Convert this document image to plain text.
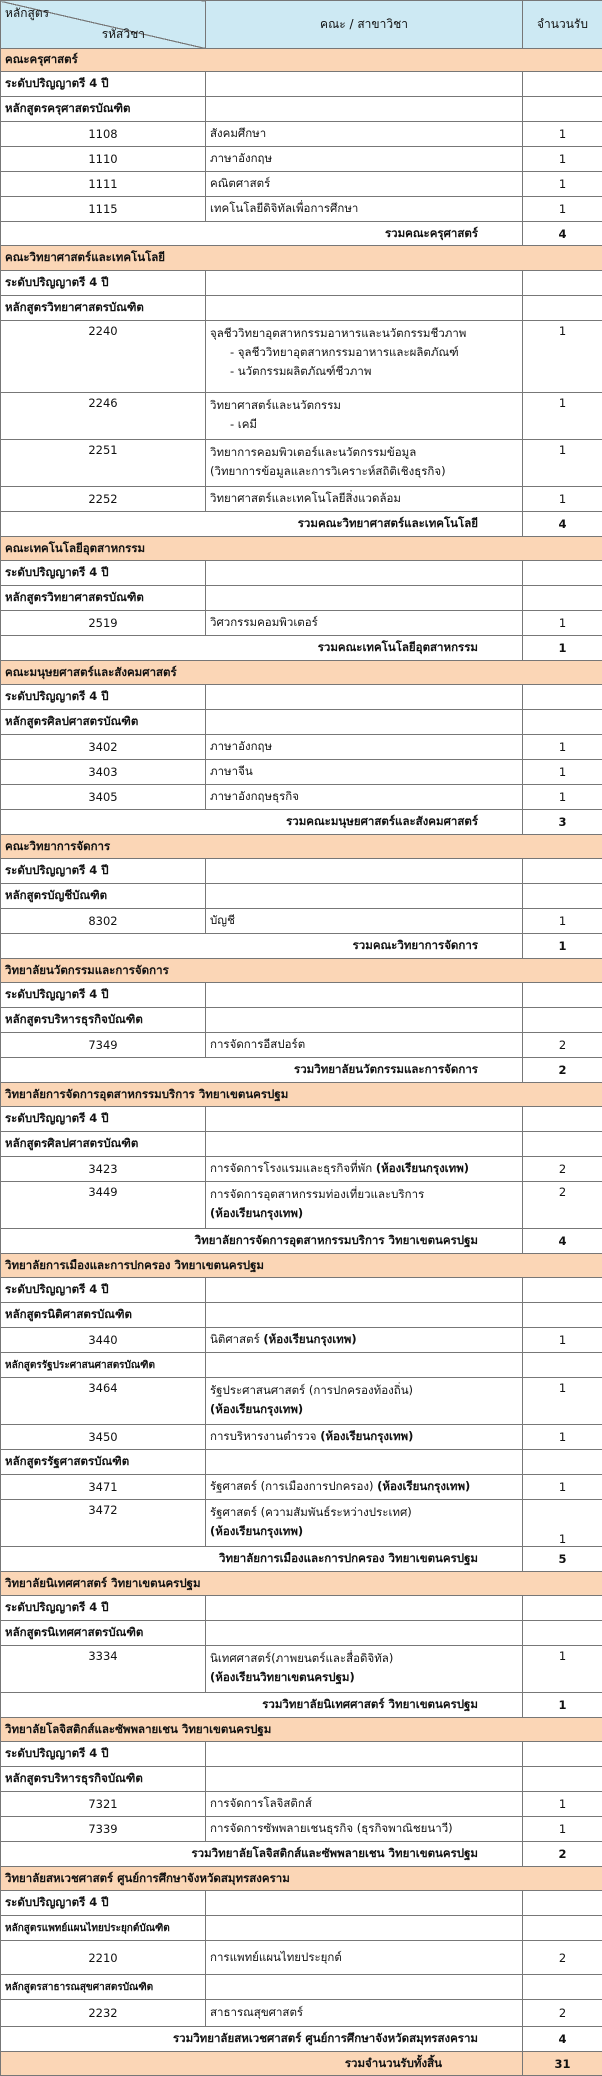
หลักสูตร
รหัสวิชา	คณะ / สาขาวิชา	จำนวนรับ
คณะครุศาสตร์		
ระดับปริญญาตรี 4 ปี		
หลักสูตรครุศาสตรบัณฑิต		
1108	สังคมศึกษา	1
1110	ภาษาอังกฤษ	1
1111	คณิตศาสตร์	1
1115	เทคโนโลยีดิจิทัลเพื่อการศึกษา	1
รวมคณะครุศาสตร์		4
คณะวิทยาศาสตร์และเทคโนโลยี		
ระดับปริญญาตรี 4 ปี		
หลักสูตรวิทยาศาสตรบัณฑิต		
2240	จุลชีววิทยาอุตสาหกรรมอาหารและนวัตกรรมชีวภาพ
- จุลชีววิทยาอุตสาหกรรมอาหารและผลิตภัณฑ์
- นวัตกรรมผลิตภัณฑ์ชีวภาพ	1
2246	วิทยาศาสตร์และนวัตกรรม
- เคมี	1
2251	วิทยาการคอมพิวเตอร์และนวัตกรรมข้อมูล
(วิทยาการข้อมูลและการวิเคราะห์สถิติเชิงธุรกิจ)	1
2252	วิทยาศาสตร์และเทคโนโลยีสิ่งแวดล้อม	1
รวมคณะวิทยาศาสตร์และเทคโนโลยี		4
คณะเทคโนโลยีอุตสาหกรรม		
ระดับปริญญาตรี 4 ปี		
หลักสูตรวิทยาศาสตรบัณฑิต		
2519	วิศวกรรมคอมพิวเตอร์	1
รวมคณะเทคโนโลยีอุตสาหกรรม		1
คณะมนุษยศาสตร์และสังคมศาสตร์		
ระดับปริญญาตรี 4 ปี		
หลักสูตรศิลปศาสตรบัณฑิต		
3402	ภาษาอังกฤษ	1
3403	ภาษาจีน	1
3405	ภาษาอังกฤษธุรกิจ	1
รวมคณะมนุษยศาสตร์และสังคมศาสตร์		3
คณะวิทยาการจัดการ		
ระดับปริญญาตรี 4 ปี		
หลักสูตรบัญชีบัณฑิต		
8302	บัญชี	1
รวมคณะวิทยาการจัดการ		1
วิทยาลัยนวัตกรรมและการจัดการ		
ระดับปริญญาตรี 4 ปี		
หลักสูตรบริหารธุรกิจบัณฑิต		
7349	การจัดการอีสปอร์ต	2
รวมวิทยาลัยนวัตกรรมและการจัดการ		2
วิทยาลัยการจัดการอุตสาหกรรมบริการ วิทยาเขตนครปฐม		
ระดับปริญญาตรี 4 ปี		
หลักสูตรศิลปศาสตรบัณฑิต		
3423	การจัดการโรงแรมและธุรกิจที่พัก (ห้องเรียนกรุงเทพ)	2
3449	การจัดการอุตสาหกรรมท่องเที่ยวและบริการ
(ห้องเรียนกรุงเทพ)	2
วิทยาลัยการจัดการอุตสาหกรรมบริการ วิทยาเขตนครปฐม		4
วิทยาลัยการเมืองและการปกครอง วิทยาเขตนครปฐม		
ระดับปริญญาตรี 4 ปี		
หลักสูตรนิติศาสตรบัณฑิต		
3440	นิติศาสตร์ (ห้องเรียนกรุงเทพ)	1
หลักสูตรรัฐประศาสนศาสตรบัณฑิต		
3464	รัฐประศาสนศาสตร์ (การปกครองท้องถิ่น)
(ห้องเรียนกรุงเทพ)	1
3450	การบริหารงานตำรวจ (ห้องเรียนกรุงเทพ)	1
หลักสูตรรัฐศาสตรบัณฑิต		
3471	รัฐศาสตร์ (การเมืองการปกครอง) (ห้องเรียนกรุงเทพ)	1
3472	รัฐศาสตร์ (ความสัมพันธ์ระหว่างประเทศ)
(ห้องเรียนกรุงเทพ)	1
วิทยาลัยการเมืองและการปกครอง วิทยาเขตนครปฐม		5
วิทยาลัยนิเทศศาสตร์ วิทยาเขตนครปฐม		
ระดับปริญญาตรี 4 ปี		
หลักสูตรนิเทศศาสตรบัณฑิต		
3334	นิเทศศาสตร์(ภาพยนตร์และสื่อดิจิทัล)
(ห้องเรียนวิทยาเขตนครปฐม)	1
รวมวิทยาลัยนิเทศศาสตร์ วิทยาเขตนครปฐม		1
วิทยาลัยโลจิสติกส์และซัพพลายเชน วิทยาเขตนครปฐม		
ระดับปริญญาตรี 4 ปี		
หลักสูตรบริหารธุรกิจบัณฑิต		
7321	การจัดการโลจิสติกส์	1
7339	การจัดการซัพพลายเชนธุรกิจ (ธุรกิจพาณิชยนาวี)	1
รวมวิทยาลัยโลจิสติกส์และซัพพลายเชน วิทยาเขตนครปฐม		2
วิทยาลัยสหเวชศาสตร์ ศูนย์การศึกษาจังหวัดสมุทรสงคราม		
ระดับปริญญาตรี 4 ปี		
หลักสูตรแพทย์แผนไทยประยุกต์บัณฑิต		
2210	การแพทย์แผนไทยประยุกต์	2
หลักสูตรสาธารณสุขศาสตรบัณฑิต		
2232	สาธารณสุขศาสตร์	2
รวมวิทยาลัยสหเวชศาสตร์ ศูนย์การศึกษาจังหวัดสมุทรสงคราม		4
รวมจำนวนรับทั้งสิ้น		31
